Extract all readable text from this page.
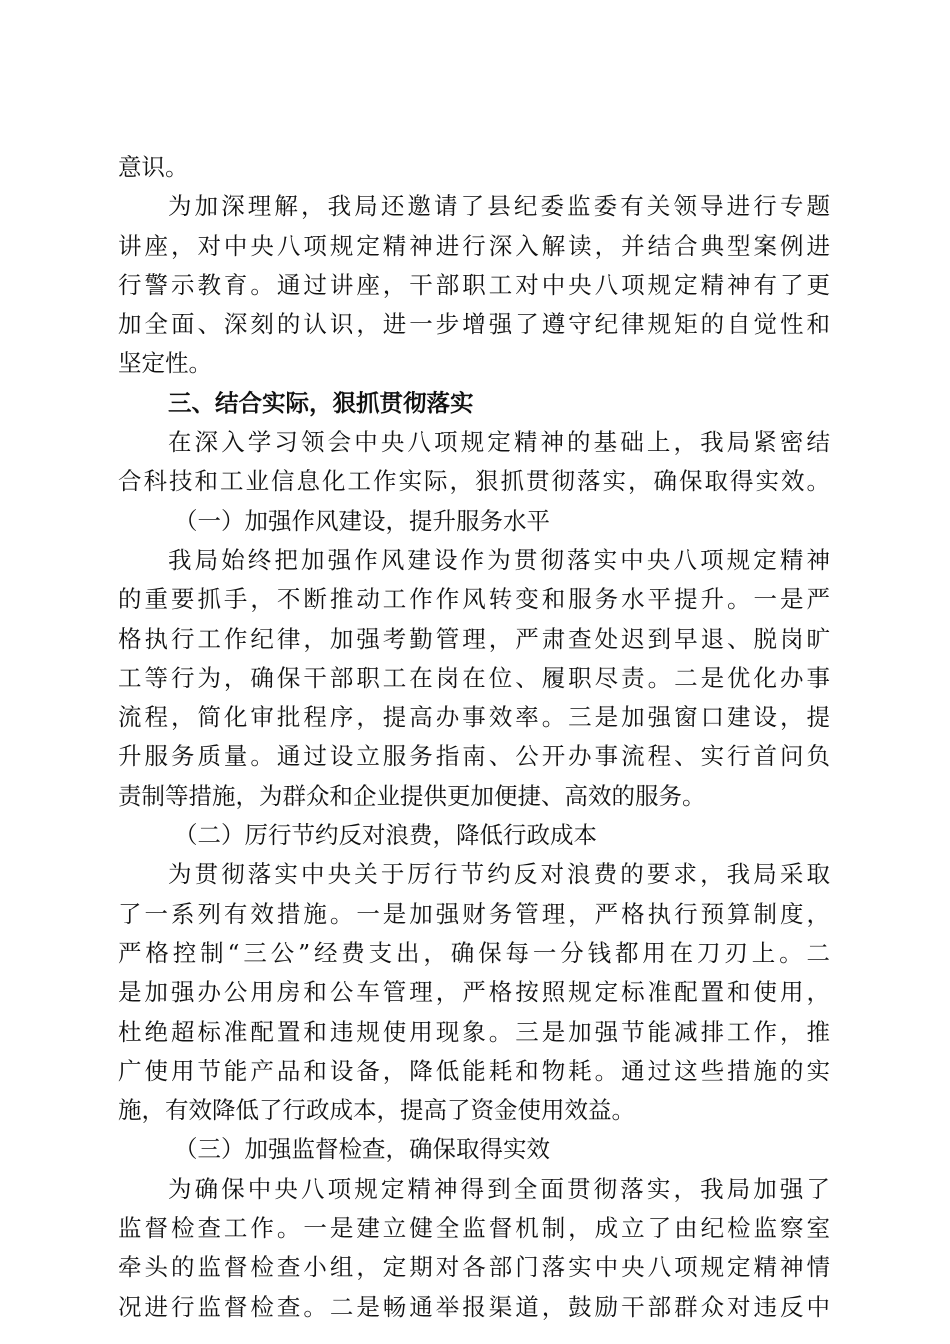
意识。
为加深理解，我局还邀请了县纪委监委有关领导进行专题
讲座，对中央八项规定精神进行深入解读，并结合典型案例进
行警示教育。通过讲座，干部职工对中央八项规定精神有了更
加全面、深刻的认识，进一步增强了遵守纪律规矩的自觉性和
坚定性。
三、结合实际，狠抓贯彻落实
在深入学习领会中央八项规定精神的基础上，我局紧密结
合科技和工业信息化工作实际，狠抓贯彻落实，确保取得实效。
（一）加强作风建设，提升服务水平
我局始终把加强作风建设作为贯彻落实中央八项规定精神
的重要抓手，不断推动工作作风转变和服务水平提升。一是严
格执行工作纪律，加强考勤管理，严肃查处迟到早退、脱岗旷
工等行为，确保干部职工在岗在位、履职尽责。二是优化办事
流程，简化审批程序，提高办事效率。三是加强窗口建设，提
升服务质量。通过设立服务指南、公开办事流程、实行首问负
责制等措施，为群众和企业提供更加便捷、高效的服务。
（二）厉行节约反对浪费，降低行政成本
为贯彻落实中央关于厉行节约反对浪费的要求，我局采取
了一系列有效措施。一是加强财务管理，严格执行预算制度，
严格控制“三公”经费支出，确保每一分钱都用在刀刃上。二
是加强办公用房和公车管理，严格按照规定标准配置和使用，
杜绝超标准配置和违规使用现象。三是加强节能减排工作，推
广使用节能产品和设备，降低能耗和物耗。通过这些措施的实
施，有效降低了行政成本，提高了资金使用效益。
（三）加强监督检查，确保取得实效
为确保中央八项规定精神得到全面贯彻落实，我局加强了
监督检查工作。一是建立健全监督机制，成立了由纪检监察室
牵头的监督检查小组，定期对各部门落实中央八项规定精神情
况进行监督检查。二是畅通举报渠道，鼓励干部群众对违反中
